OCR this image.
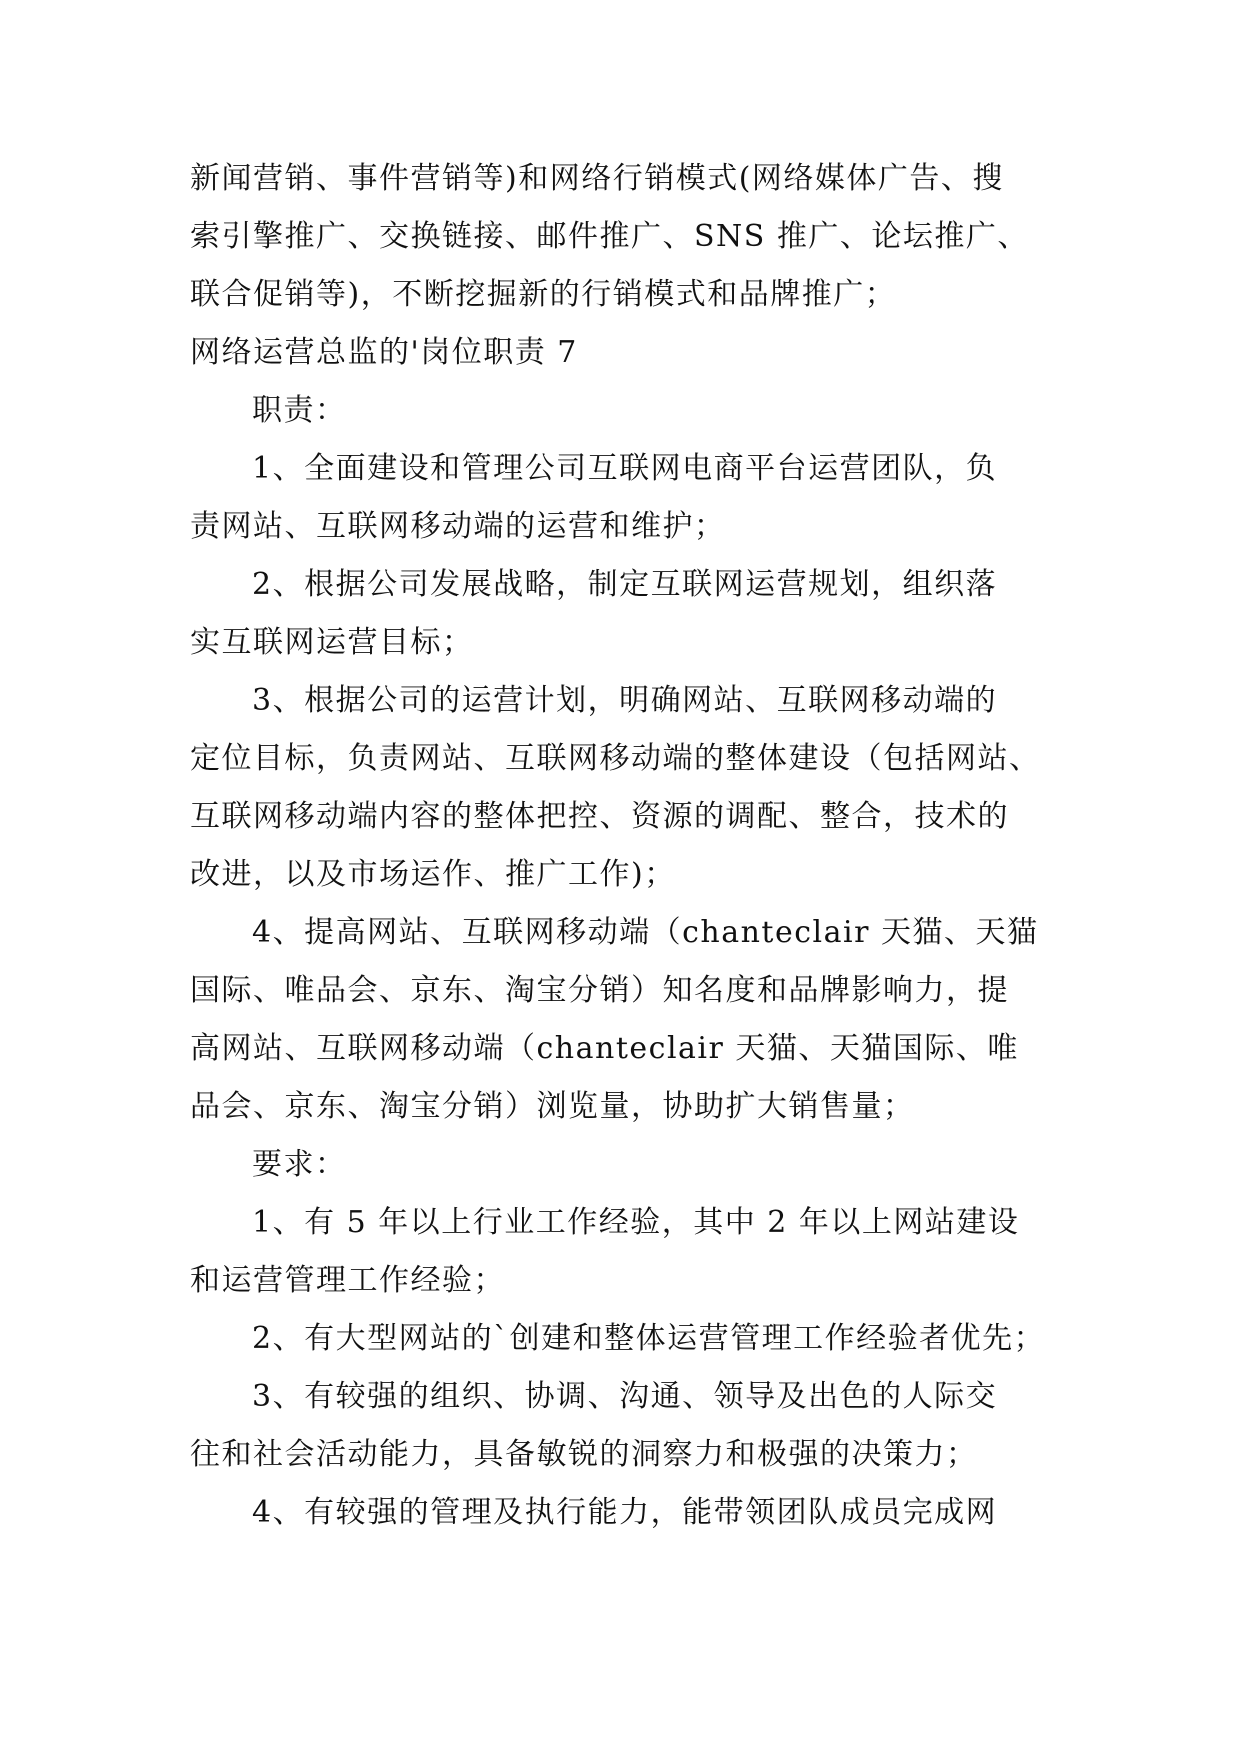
新闻营销、事件营销等)和网络行销模式(网络媒体广告、搜
索引擎推广、交换链接、邮件推广、SNS 推广、论坛推广、
联合促销等)，不断挖掘新的行销模式和品牌推广；
网络运营总监的'岗位职责 7
职责：
1、全面建设和管理公司互联网电商平台运营团队，负
责网站、互联网移动端的运营和维护；
2、根据公司发展战略，制定互联网运营规划，组织落
实互联网运营目标；
3、根据公司的运营计划，明确网站、互联网移动端的
定位目标，负责网站、互联网移动端的整体建设（包括网站、
互联网移动端内容的整体把控、资源的调配、整合，技术的
改进，以及市场运作、推广工作)；
4、提高网站、互联网移动端（chanteclair 天猫、天猫
国际、唯品会、京东、淘宝分销）知名度和品牌影响力，提
高网站、互联网移动端（chanteclair 天猫、天猫国际、唯
品会、京东、淘宝分销）浏览量，协助扩大销售量；
要求：
1、有 5 年以上行业工作经验，其中 2 年以上网站建设
和运营管理工作经验；
2、有大型网站的`创建和整体运营管理工作经验者优先；
3、有较强的组织、协调、沟通、领导及出色的人际交
往和社会活动能力，具备敏锐的洞察力和极强的决策力；
4、有较强的管理及执行能力，能带领团队成员完成网
